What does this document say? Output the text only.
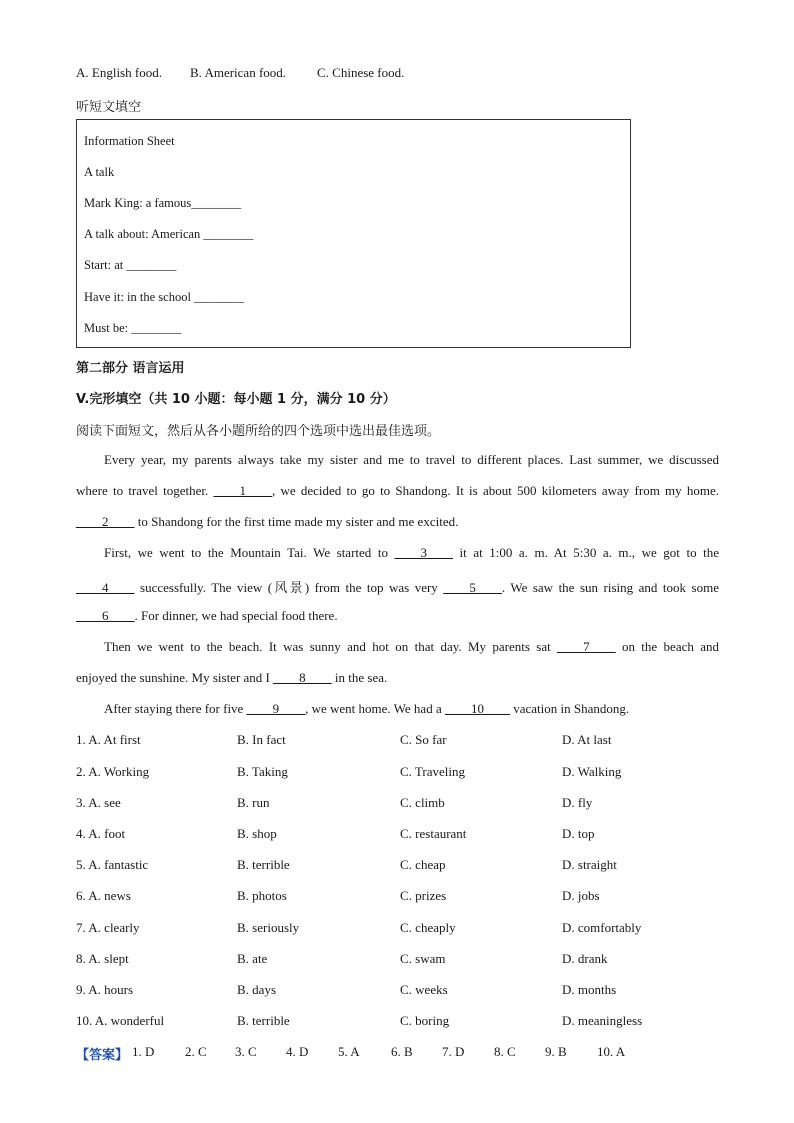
A. English food. B. American food. C. Chinese food.
听短文填空
Information Sheet
A talk
Mark King: a famous________
A talk about: American ________
Start: at ________
Have it: in the school ________
Must be: ________
第二部分 语言运用
V.完形填空（共 10 小题：每小题 1 分，满分 10 分）
阅读下面短文，然后从各小题所给的四个选项中选出最佳选项。
Every year, my parents always take my sister and me to travel to different places. Last summer, we discussed
where to travel together. ____1____, we decided to go to Shandong. It is about 500 kilometers away from my home.
____2____ to Shandong for the first time made my sister and me excited.
First, we went to the Mountain Tai. We started to ____3____ it at 1:00 a. m. At 5:30 a. m., we got to the
____4____ successfully. The view (风景) from the top was very ____5____. We saw the sun rising and took some
____6____. For dinner, we had special food there.
Then we went to the beach. It was sunny and hot on that day. My parents sat ____7____ on the beach and
enjoyed the sunshine. My sister and I ____8____ in the sea.
After staying there for five ____9____, we went home. We had a ____10____ vacation in Shandong.
1. A. At first	B. In fact	C. So far	D. At last
2. A. Working	B. Taking	C. Traveling	D. Walking
3. A. see	B. run	C. climb	D. fly
4. A. foot	B. shop	C. restaurant	D. top
5. A. fantastic	B. terrible	C. cheap	D. straight
6. A. news	B. photos	C. prizes	D. jobs
7. A. clearly	B. seriously	C. cheaply	D. comfortably
8. A. slept	B. ate	C. swam	D. drank
9. A. hours	B. days	C. weeks	D. months
10. A. wonderful	B. terrible	C. boring	D. meaningless
【答案】 1. D 2. C 3. C 4. D 5. A 6. B 7. D 8. C 9. B 10. A
